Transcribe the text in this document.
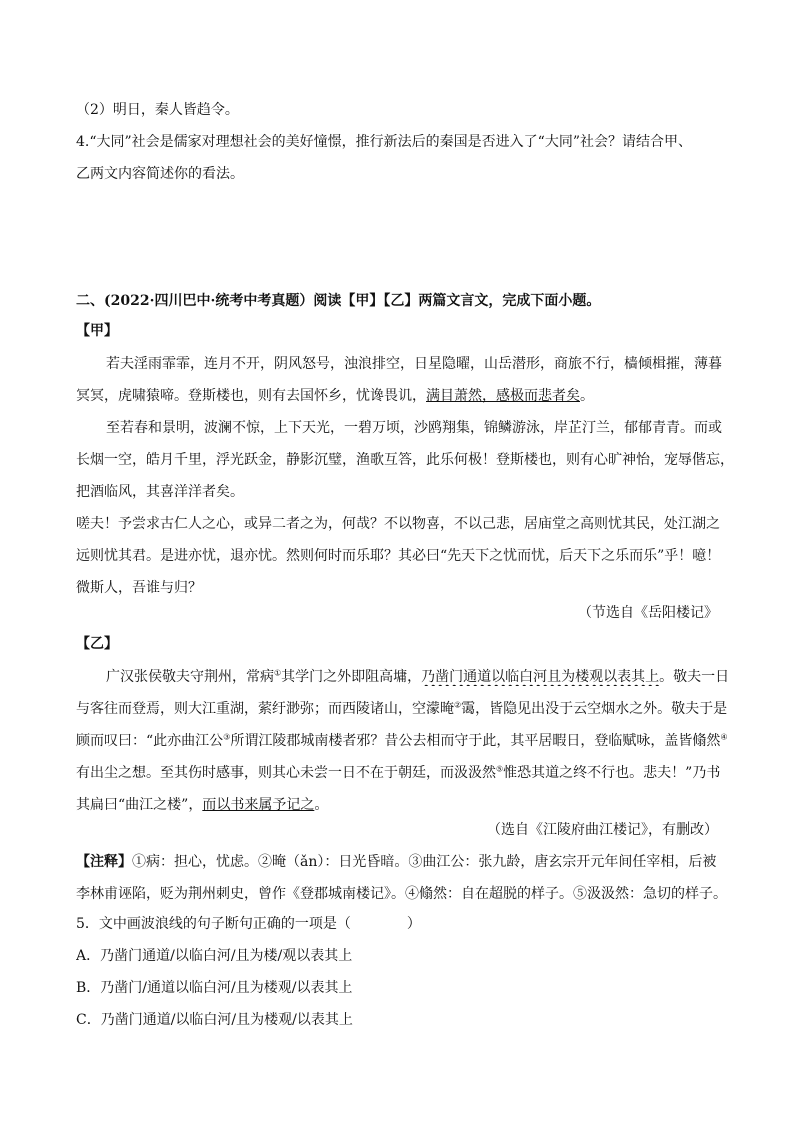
（2）明日，秦人皆趋令。
4.“大同”社会是儒家对理想社会的美好憧憬，推行新法后的秦国是否进入了“大同”社会？请结合甲、
乙两文内容简述你的看法。
二、(2022·四川巴中·统考中考真题）阅读【甲】【乙】两篇文言文，完成下面小题。
【甲】
若夫淫雨霏霏，连月不开，阴风怒号，浊浪排空，日星隐曜，山岳潜形，商旅不行，樯倾楫摧，薄暮
冥冥，虎啸猿啼。登斯楼也，则有去国怀乡，忧谗畏讥，满目萧然，感极而悲者矣。
至若春和景明，波澜不惊，上下天光，一碧万顷，沙鸥翔集，锦鳞游泳，岸芷汀兰，郁郁青青。而或
长烟一空，皓月千里，浮光跃金，静影沉璧，渔歌互答，此乐何极！登斯楼也，则有心旷神怡，宠辱偕忘，
把酒临风，其喜洋洋者矣。
嗟夫！予尝求古仁人之心，或异二者之为，何哉？不以物喜，不以己悲，居庙堂之高则忧其民，处江湖之
远则忧其君。是进亦忧，退亦忧。然则何时而乐耶？其必曰“先天下之忧而忧，后天下之乐而乐”乎！噫！
微斯人，吾谁与归？
（节选自《岳阳楼记》
【乙】
广汉张侯敬夫守荆州，常病①其学门之外即阻高墉，乃凿门通道以临白河且为楼观以表其上。敬夫一日
与客往而登焉，则大江重湖，萦纡渺弥；而西陵诸山，空濛晻②霭，皆隐见出没于云空烟水之外。敬夫于是
顾而叹曰：“此亦曲江公③所谓江陵郡城南楼者邪？昔公去相而守于此，其平居暇日，登临赋咏，盖皆翛然④
有出尘之想。至其伤时感事，则其心未尝一日不在于朝廷，而汲汲然⑤惟恐其道之终不行也。悲夫！”乃书
其扁曰“曲江之楼”，而以书来属予记之。
（选自《江陵府曲江楼记》，有删改）
【注释】①病：担心，忧虑。②晻（ǎn）：日光昏暗。③曲江公：张九龄，唐玄宗开元年间任宰相，后被
李林甫诬陷，贬为荆州刺史，曾作《登郡城南楼记》。④翛然：自在超脱的样子。⑤汲汲然：急切的样子。
5．文中画波浪线的句子断句正确的一项是（　　　　）
A．乃凿门通道/以临白河/且为楼/观以表其上
B．乃凿门/通道以临白河/且为楼观/以表其上
C．乃凿门通道/以临白河/且为楼观/以表其上
